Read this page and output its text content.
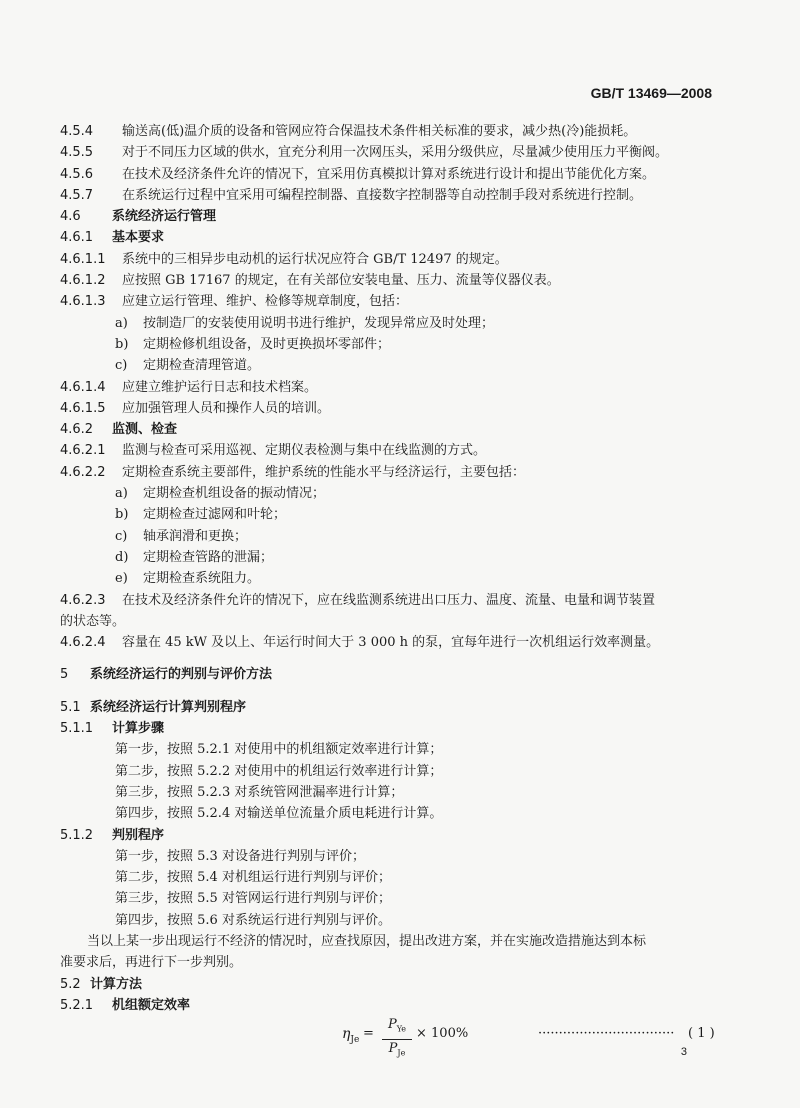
GB/T 13469—2008
4.5.4 输送高(低)温介质的设备和管网应符合保温技术条件相关标准的要求，减少热(冷)能损耗。
4.5.5 对于不同压力区域的供水，宜充分利用一次网压头，采用分级供应，尽量减少使用压力平衡阀。
4.5.6 在技术及经济条件允许的情况下，宜采用仿真模拟计算对系统进行设计和提出节能优化方案。
4.5.7 在系统运行过程中宜采用可编程控制器、直接数字控制器等自动控制手段对系统进行控制。
4.6 系统经济运行管理
4.6.1 基本要求
4.6.1.1 系统中的三相异步电动机的运行状况应符合 GB/T 12497 的规定。
4.6.1.2 应按照 GB 17167 的规定，在有关部位安装电量、压力、流量等仪器仪表。
4.6.1.3 应建立运行管理、维护、检修等规章制度，包括：
a) 按制造厂的安装使用说明书进行维护，发现异常应及时处理；
b) 定期检修机组设备，及时更换损坏零部件；
c) 定期检查清理管道。
4.6.1.4 应建立维护运行日志和技术档案。
4.6.1.5 应加强管理人员和操作人员的培训。
4.6.2 监测、检查
4.6.2.1 监测与检查可采用巡视、定期仪表检测与集中在线监测的方式。
4.6.2.2 定期检查系统主要部件，维护系统的性能水平与经济运行，主要包括：
a) 定期检查机组设备的振动情况；
b) 定期检查过滤网和叶轮；
c) 轴承润滑和更换；
d) 定期检查管路的泄漏；
e) 定期检查系统阻力。
4.6.2.3 在技术及经济条件允许的情况下，应在线监测系统进出口压力、温度、流量、电量和调节装置
的状态等。
4.6.2.4 容量在 45 kW 及以上、年运行时间大于 3 000 h 的泵，宜每年进行一次机组运行效率测量。
5 系统经济运行的判别与评价方法
5.1 系统经济运行计算判别程序
5.1.1 计算步骤
第一步，按照 5.2.1 对使用中的机组额定效率进行计算；
第二步，按照 5.2.2 对使用中的机组运行效率进行计算；
第三步，按照 5.2.3 对系统管网泄漏率进行计算；
第四步，按照 5.2.4 对输送单位流量介质电耗进行计算。
5.1.2 判别程序
第一步，按照 5.3 对设备进行判别与评价；
第二步，按照 5.4 对机组运行进行判别与评价；
第三步，按照 5.5 对管网运行进行判别与评价；
第四步，按照 5.6 对系统运行进行判别与评价。
当以上某一步出现运行不经济的情况时，应查找原因，提出改进方案，并在实施改造措施达到本标
准要求后，再进行下一步判别。
5.2 计算方法
5.2.1 机组额定效率
$\eta_{Je}$ =
$P_{Ye}$
$P_{Je}$
× 100%	································· ( 1 )
3
